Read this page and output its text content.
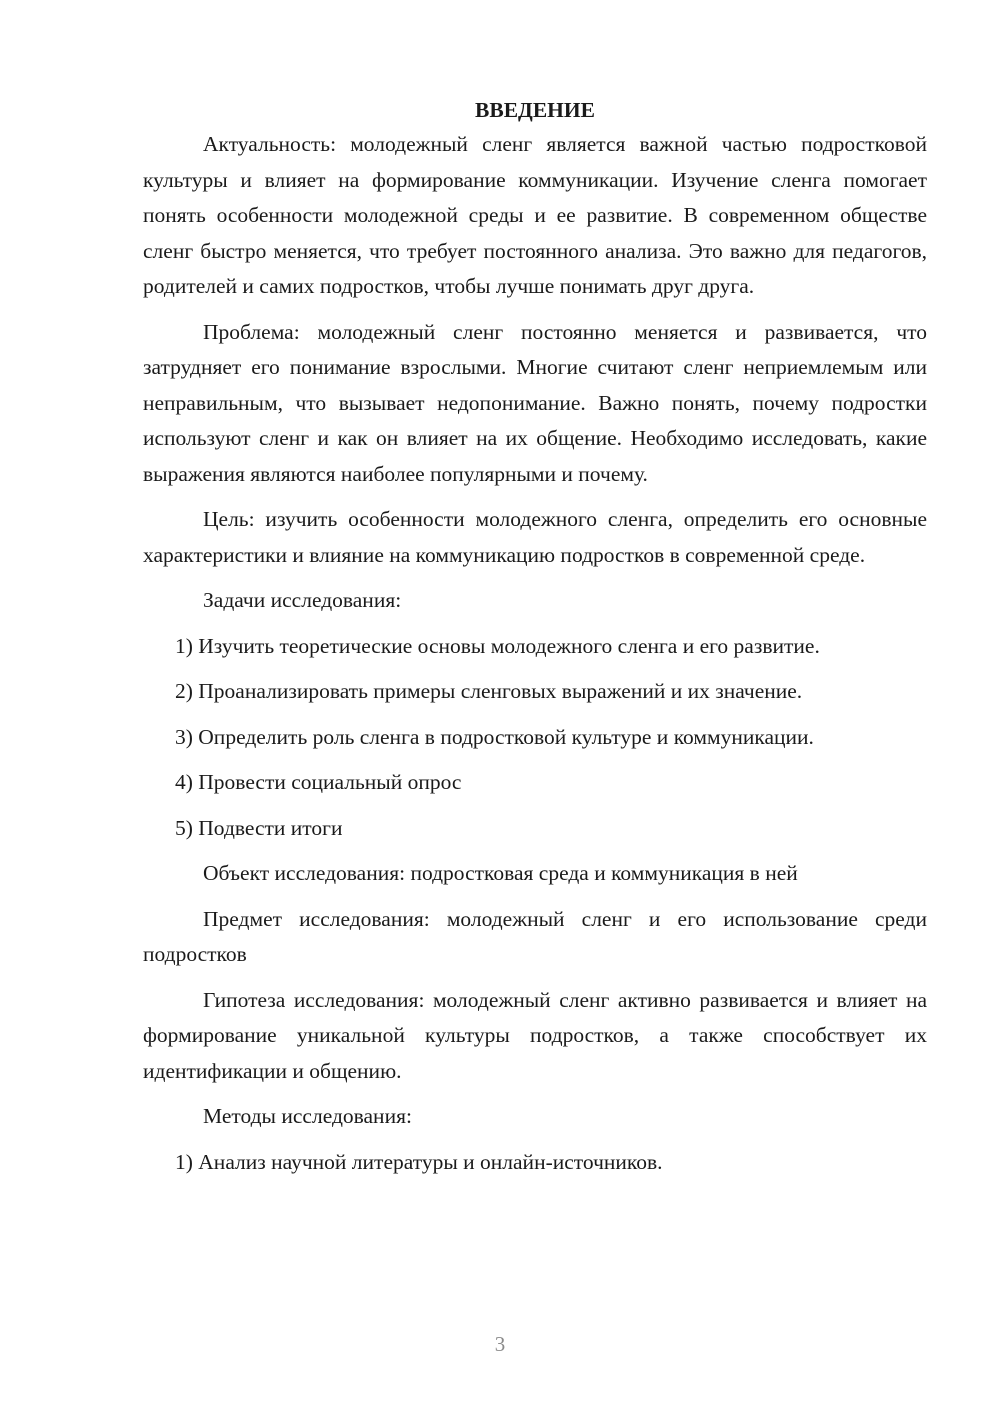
ВВЕДЕНИЕ

Актуальность: молодежный сленг является важной частью подростковой культуры и влияет на формирование коммуникации. Изучение сленга помогает понять особенности молодежной среды и ее развитие. В современном обществе сленг быстро меняется, что требует постоянного анализа. Это важно для педагогов, родителей и самих подростков, чтобы лучше понимать друг друга.

Проблема: молодежный сленг постоянно меняется и развивается, что затрудняет его понимание взрослыми. Многие считают сленг неприемлемым или неправильным, что вызывает недопонимание. Важно понять, почему подростки используют сленг и как он влияет на их общение. Необходимо исследовать, какие выражения являются наиболее популярными и почему.

Цель: изучить особенности молодежного сленга, определить его основные характеристики и влияние на коммуникацию подростков в современной среде.

Задачи исследования:

1) Изучить теоретические основы молодежного сленга и его развитие.

2) Проанализировать примеры сленговых выражений и их значение.

3) Определить роль сленга в подростковой культуре и коммуникации.

4) Провести социальный опрос

5) Подвести итоги

Объект исследования: подростковая среда и коммуникация в ней

Предмет исследования: молодежный сленг и его использование среди подростков

Гипотеза исследования: молодежный сленг активно развивается и влияет на формирование уникальной культуры подростков, а также способствует их идентификации и общению.

Методы исследования:

1) Анализ научной литературы и онлайн-источников.

3
